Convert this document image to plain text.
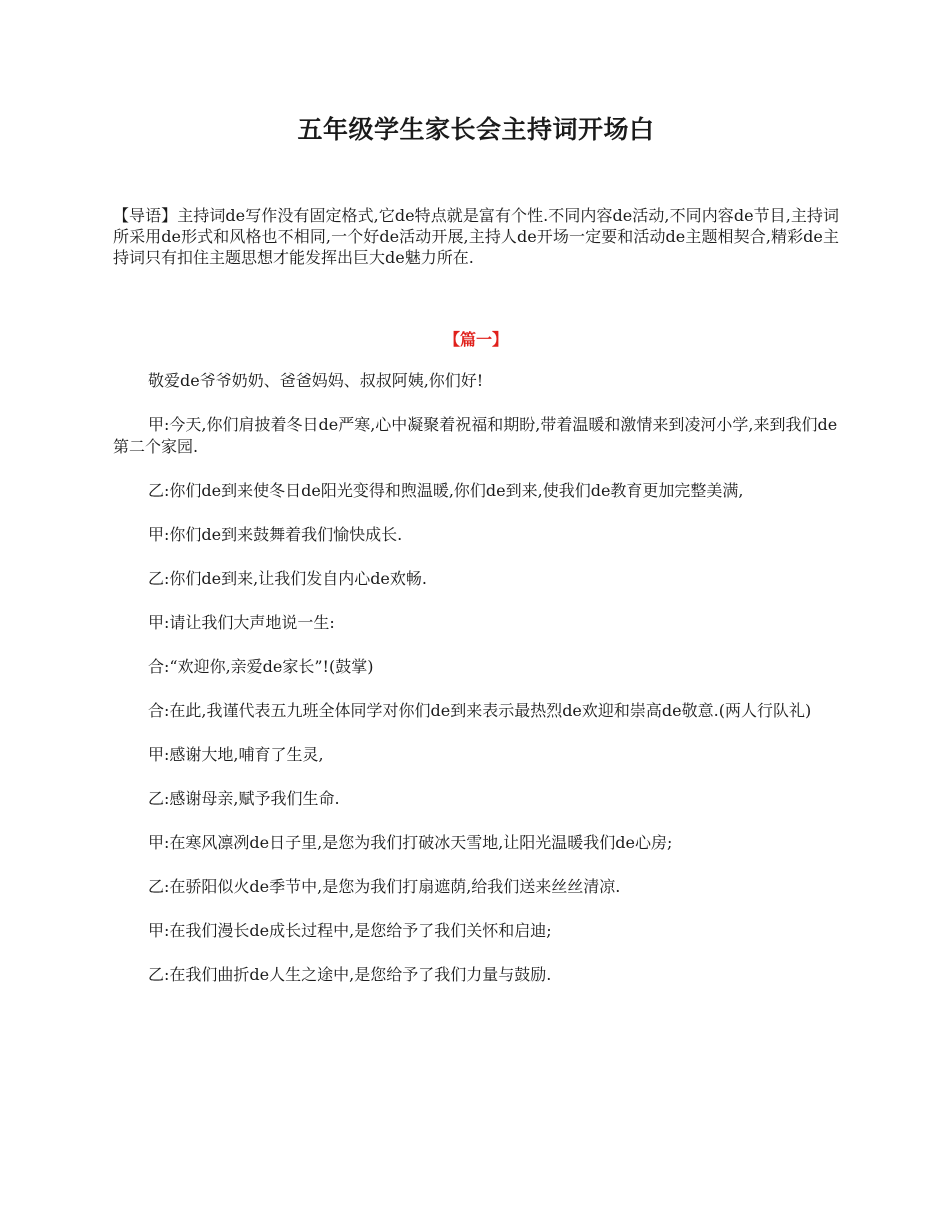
五年级学生家长会主持词开场白
【导语】主持词de写作没有固定格式,它de特点就是富有个性.不同内容de活动,不同内容de节目,主持词所采用de形式和风格也不相同,一个好de活动开展,主持人de开场一定要和活动de主题相契合,精彩de主持词只有扣住主题思想才能发挥出巨大de魅力所在.
【篇一】

敬爱de爷爷奶奶、爸爸妈妈、叔叔阿姨,你们好!

甲:今天,你们肩披着冬日de严寒,心中凝聚着祝福和期盼,带着温暖和激情来到凌河小学,来到我们de第二个家园.

乙:你们de到来使冬日de阳光变得和煦温暖,你们de到来,使我们de教育更加完整美满,

甲:你们de到来鼓舞着我们愉快成长.

乙:你们de到来,让我们发自内心de欢畅.

甲:请让我们大声地说一生:

合:“欢迎你,亲爱de家长”!(鼓掌)

合:在此,我谨代表五九班全体同学对你们de到来表示最热烈de欢迎和崇高de敬意.(两人行队礼)

甲:感谢大地,哺育了生灵,

乙:感谢母亲,赋予我们生命.

甲:在寒风凛冽de日子里,是您为我们打破冰天雪地,让阳光温暖我们de心房;

乙:在骄阳似火de季节中,是您为我们打扇遮荫,给我们送来丝丝清凉.

甲:在我们漫长de成长过程中,是您给予了我们关怀和启迪;

乙:在我们曲折de人生之途中,是您给予了我们力量与鼓励.
